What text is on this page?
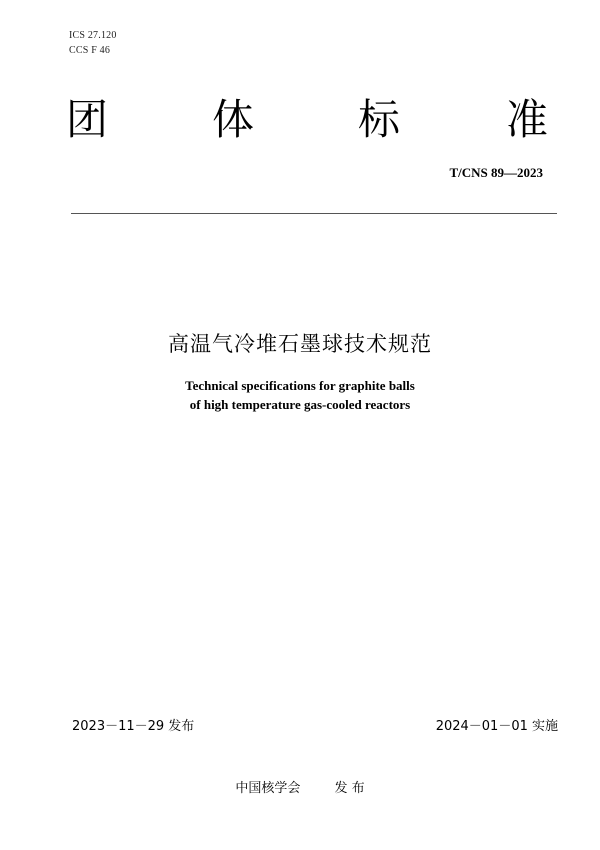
ICS 27.120
CCS F 46
团 体 标	准
T/CNS 89—2023
高温气冷堆石墨球技术规范
Technical specifications for graphite balls
of high temperature gas-cooled reactors
2023－11－29 发布	2024－01－01 实施
中国核学会	发 布
